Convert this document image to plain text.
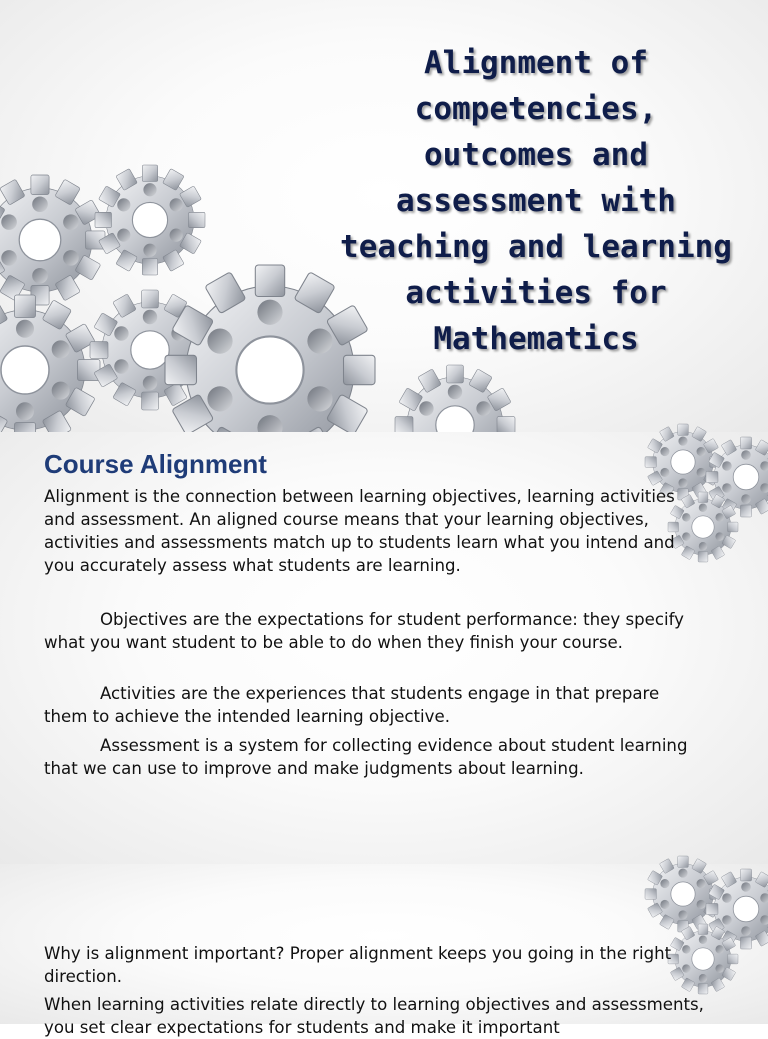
Alignment of
competencies,
outcomes and
assessment with
teaching and learning
activities for
Mathematics
Course Alignment

Alignment is the connection between learning objectives, learning activities and assessment. An aligned course means that your learning objectives, activities and assessments match up to students learn what you intend and you accurately assess what students are learning.

Objectives are the expectations for student performance: they specify what you want student to be able to do when they finish your course.

Activities are the experiences that students engage in that prepare them to achieve the intended learning objective.

Assessment is a system for collecting evidence about student learning that we can use to improve and make judgments about learning.

Why is alignment important? Proper alignment keeps you going in the right direction.

When learning activities relate directly to learning objectives and assessments, you set clear expectations for students and make it important
